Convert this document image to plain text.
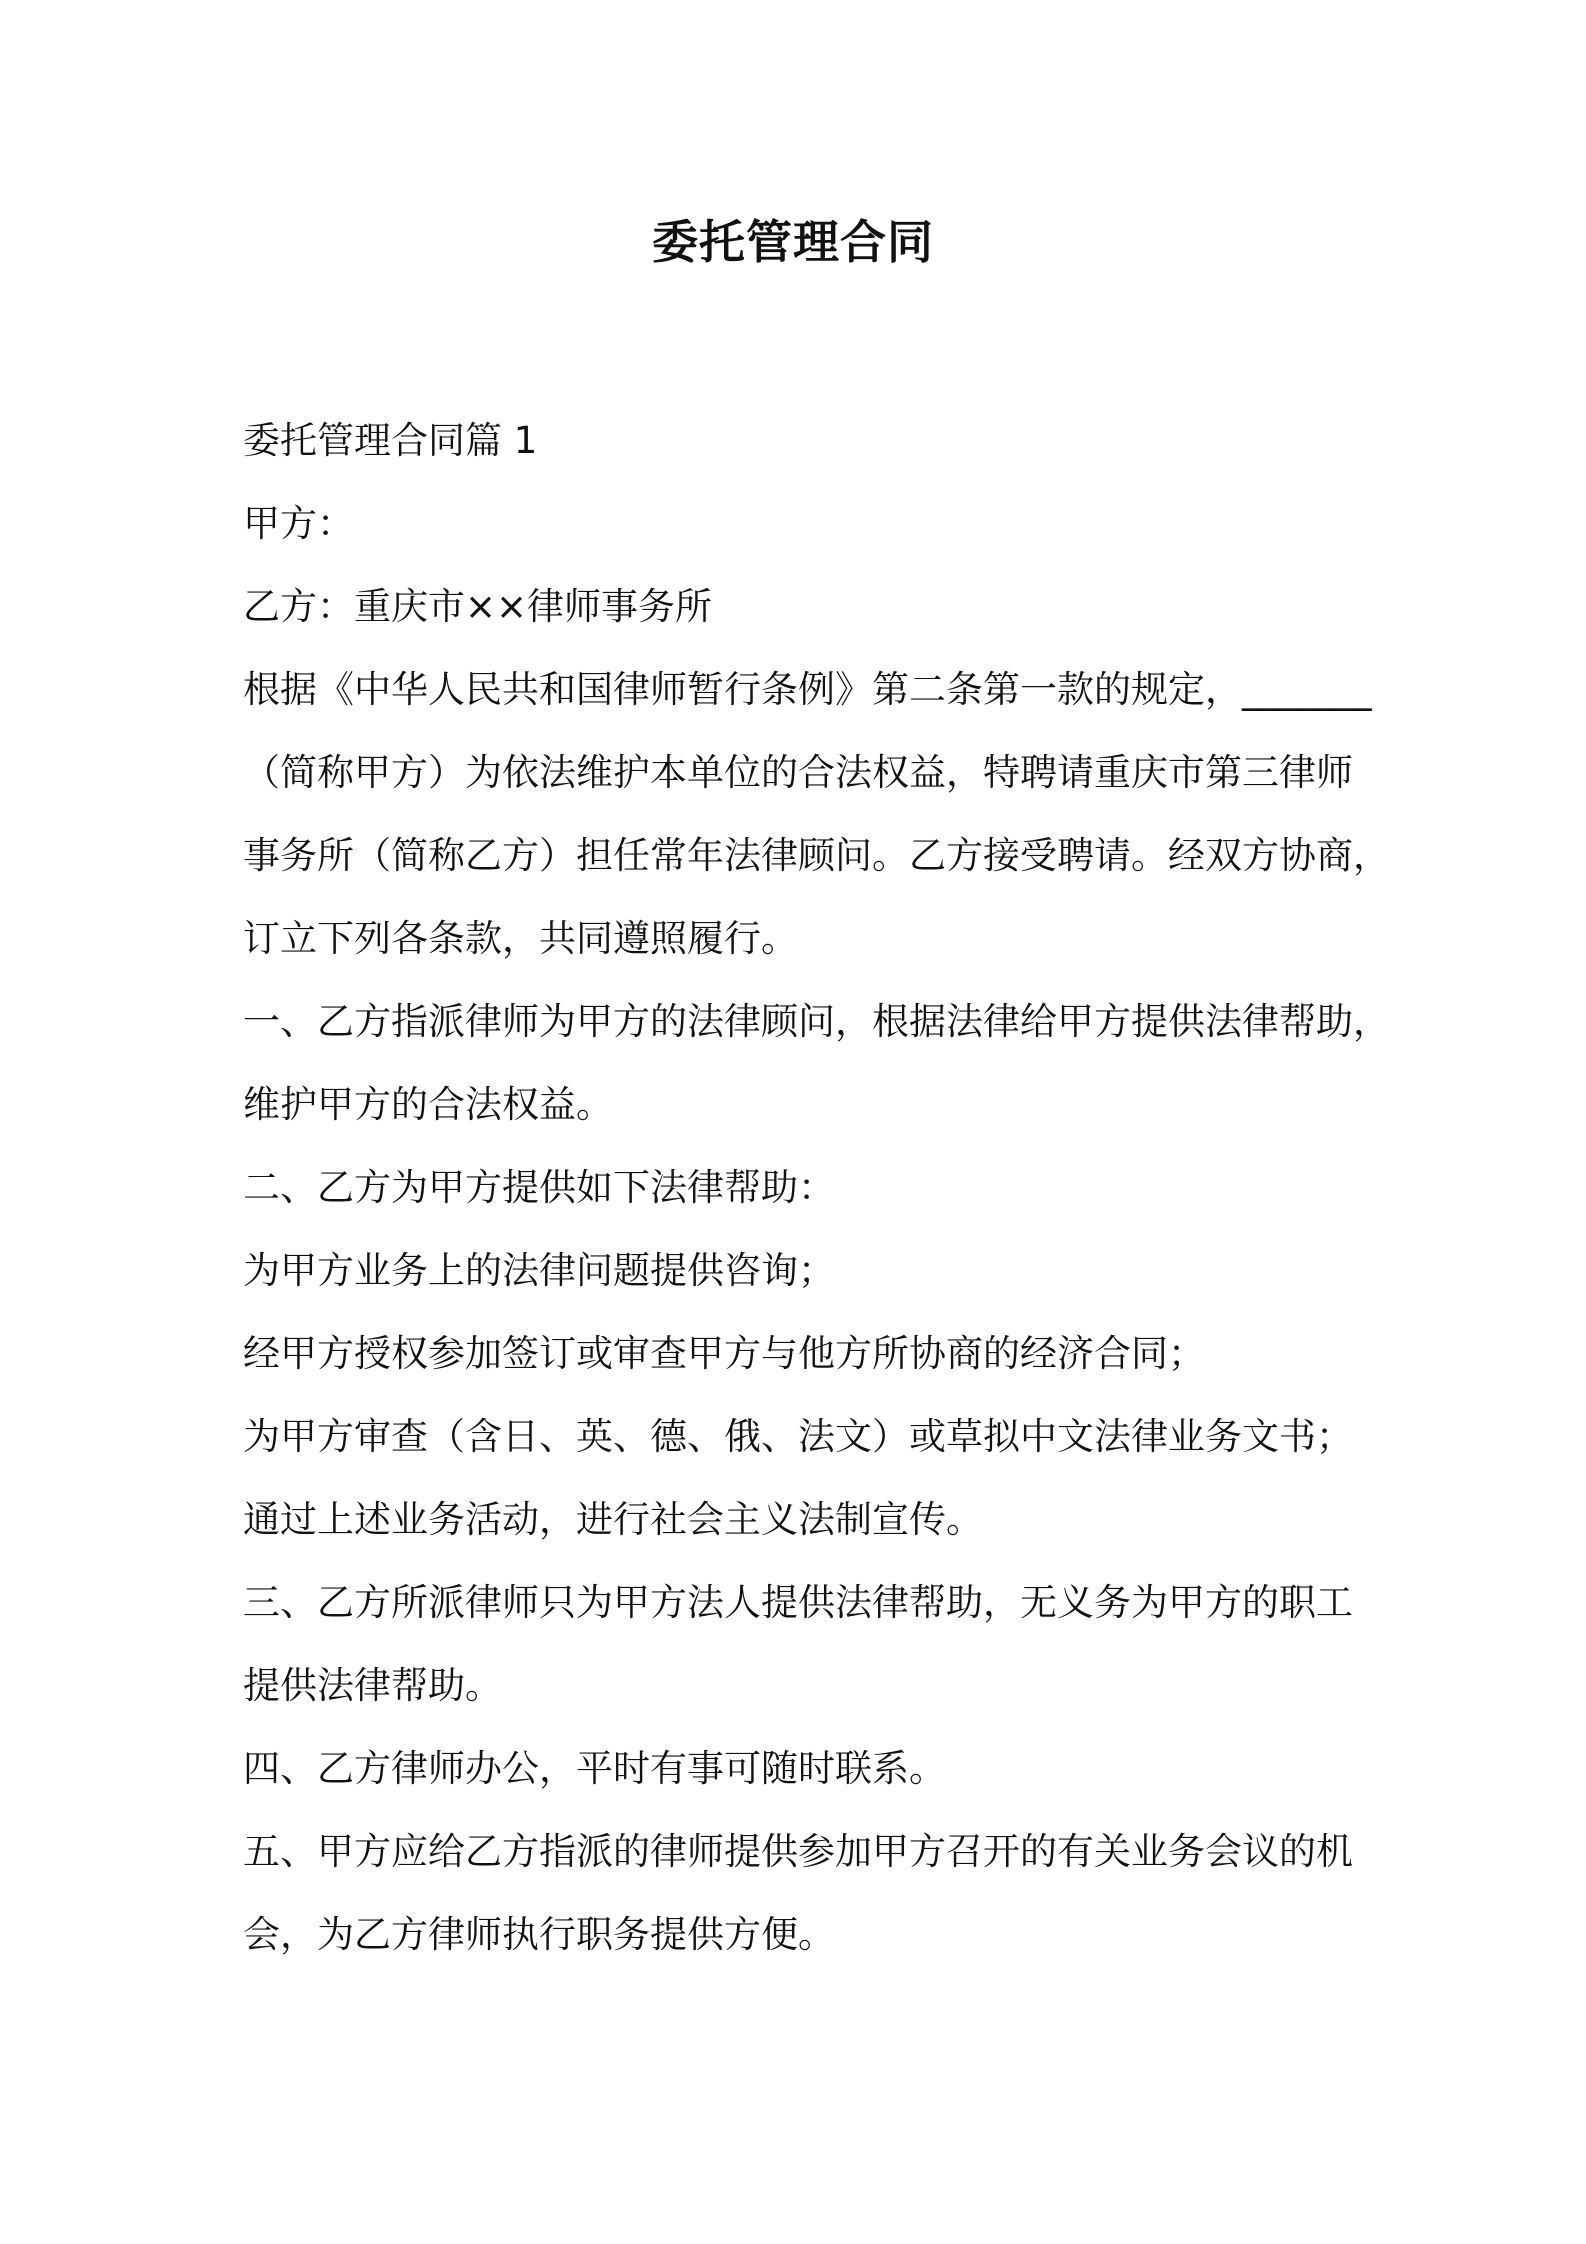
委托管理合同
委托管理合同篇 1
甲方：
乙方：重庆市××律师事务所
根据《中华人民共和国律师暂行条例》第二条第一款的规定，_______
（简称甲方）为依法维护本单位的合法权益，特聘请重庆市第三律师
事务所（简称乙方）担任常年法律顾问。乙方接受聘请。经双方协商，
订立下列各条款，共同遵照履行。
一、乙方指派律师为甲方的法律顾问，根据法律给甲方提供法律帮助，
维护甲方的合法权益。
二、乙方为甲方提供如下法律帮助：
为甲方业务上的法律问题提供咨询；
经甲方授权参加签订或审查甲方与他方所协商的经济合同；
为甲方审查（含日、英、德、俄、法文）或草拟中文法律业务文书；
通过上述业务活动，进行社会主义法制宣传。
三、乙方所派律师只为甲方法人提供法律帮助，无义务为甲方的职工
提供法律帮助。
四、乙方律师办公，平时有事可随时联系。
五、甲方应给乙方指派的律师提供参加甲方召开的有关业务会议的机
会，为乙方律师执行职务提供方便。
